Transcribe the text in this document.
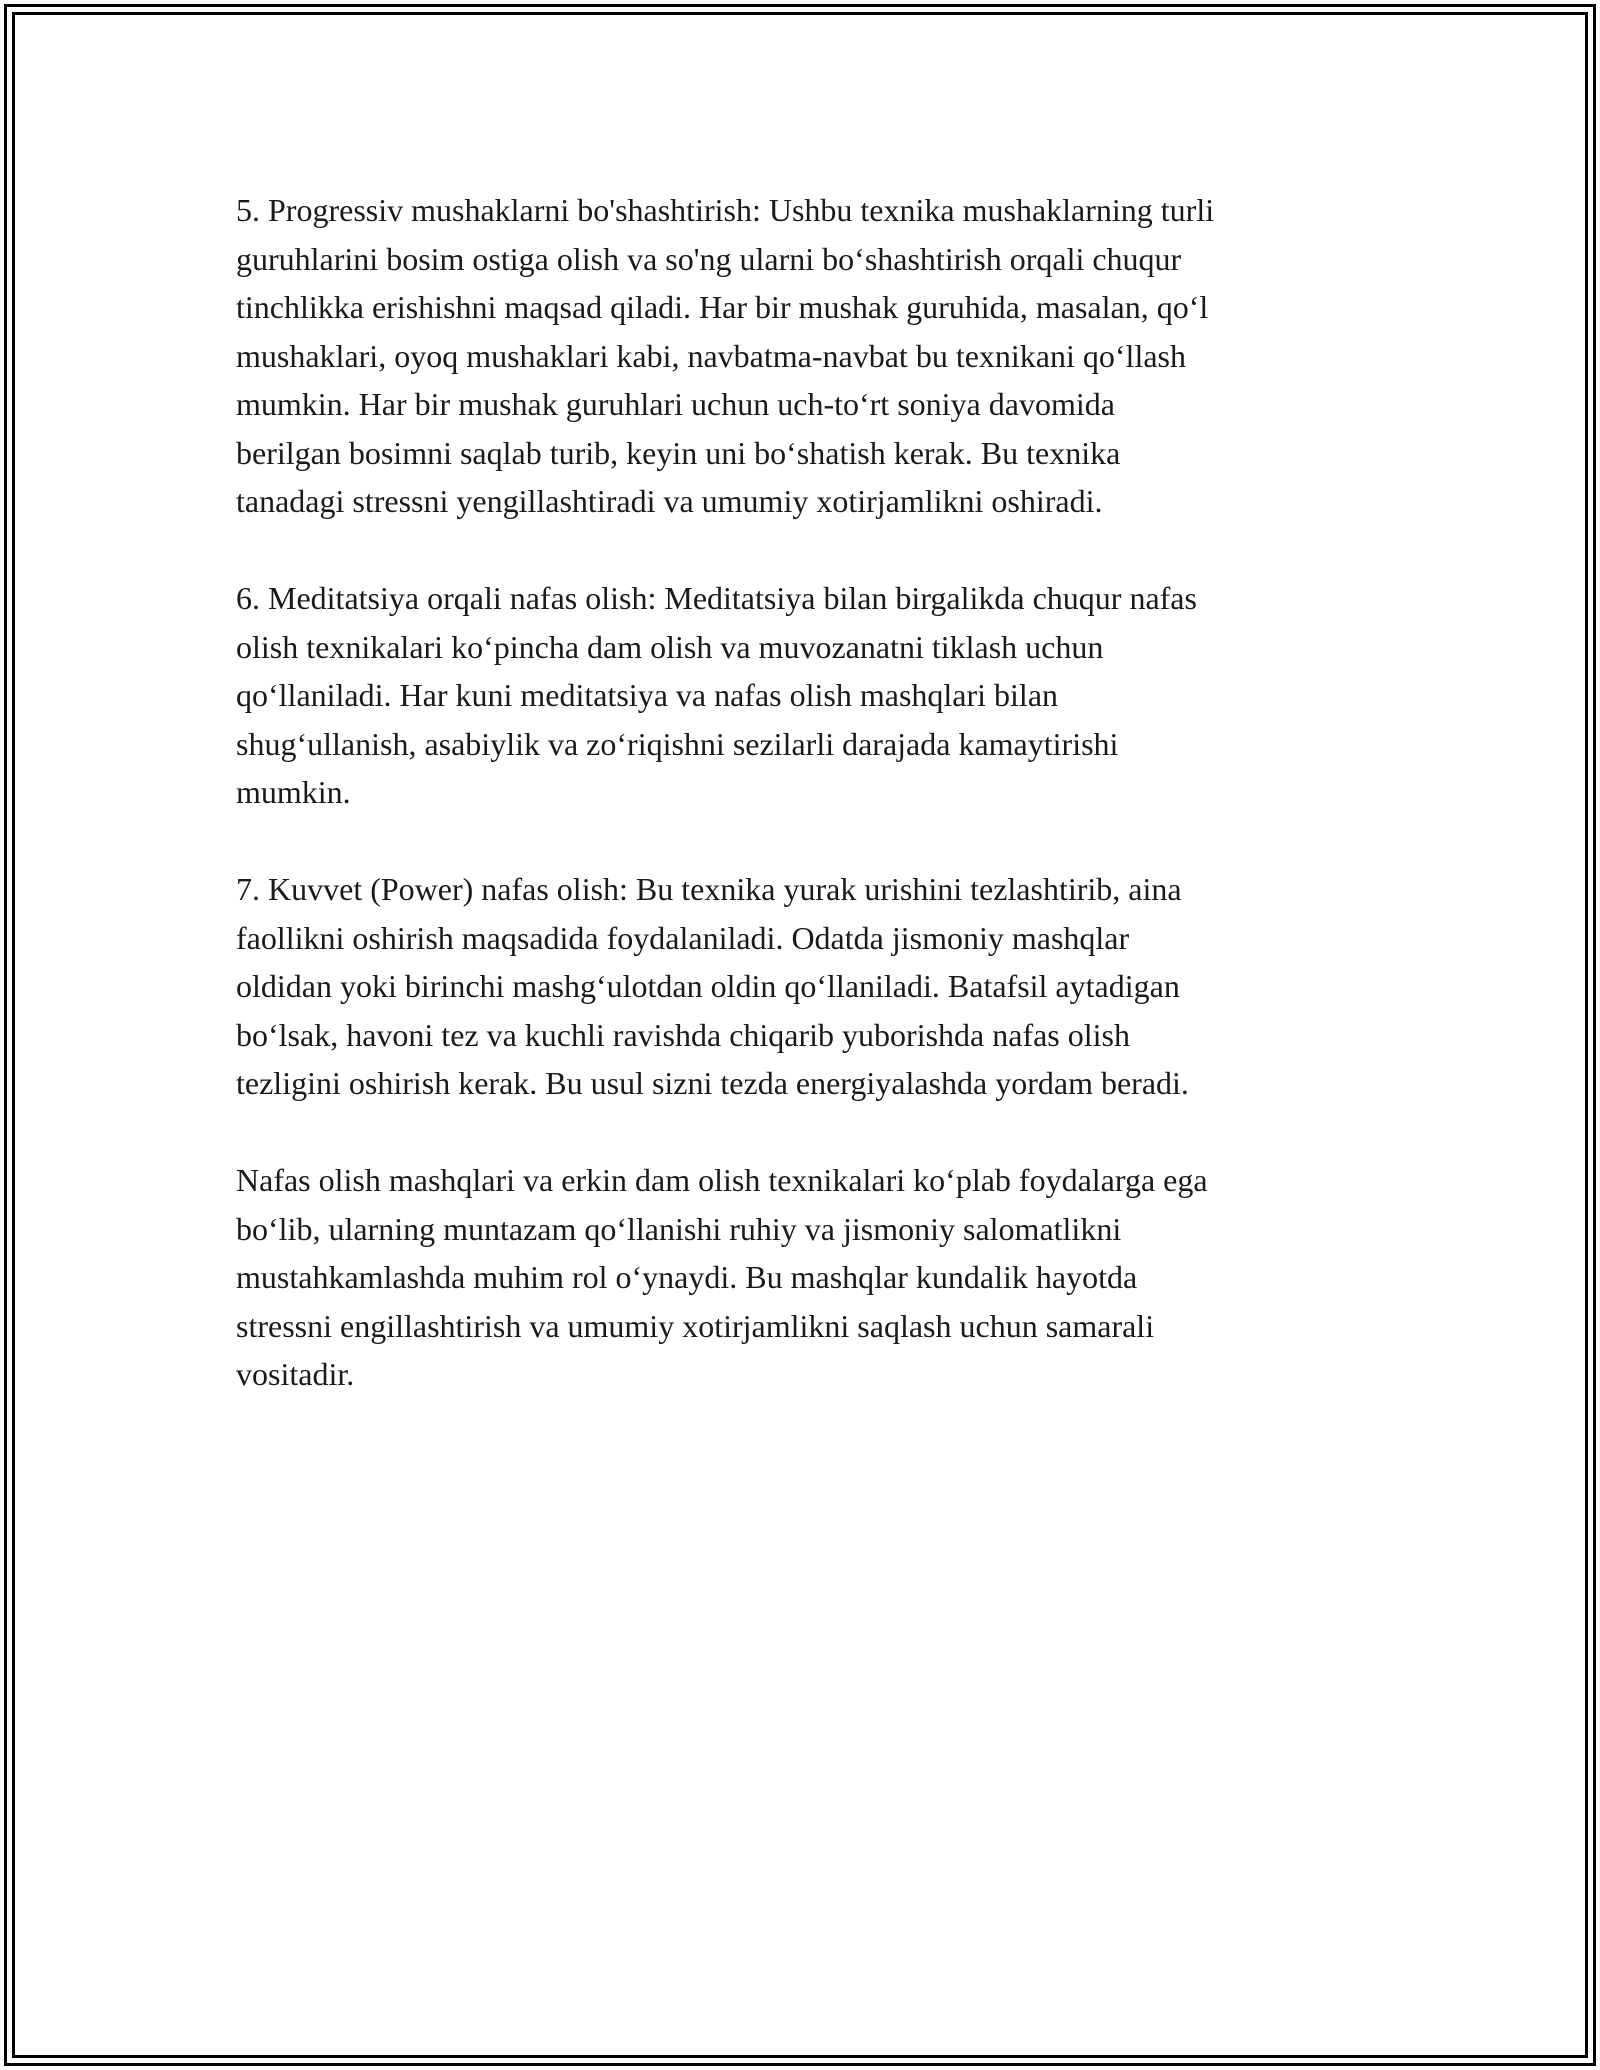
5. Progressiv mushaklarni bo'shashtirish: Ushbu texnika mushaklarning turli
guruhlarini bosim ostiga olish va so'ng ularni bo‘shashtirish orqali chuqur
tinchlikka erishishni maqsad qiladi. Har bir mushak guruhida, masalan, qo‘l
mushaklari, oyoq mushaklari kabi, navbatma-navbat bu texnikani qo‘llash
mumkin. Har bir mushak guruhlari uchun uch-to‘rt soniya davomida
berilgan bosimni saqlab turib, keyin uni bo‘shatish kerak. Bu texnika
tanadagi stressni yengillashtiradi va umumiy xotirjamlikni oshiradi.

6. Meditatsiya orqali nafas olish: Meditatsiya bilan birgalikda chuqur nafas
olish texnikalari ko‘pincha dam olish va muvozanatni tiklash uchun
qo‘llaniladi. Har kuni meditatsiya va nafas olish mashqlari bilan
shug‘ullanish, asabiylik va zo‘riqishni sezilarli darajada kamaytirishi
mumkin.

7. Kuvvet (Power) nafas olish: Bu texnika yurak urishini tezlashtirib, aina
faollikni oshirish maqsadida foydalaniladi. Odatda jismoniy mashqlar
oldidan yoki birinchi mashg‘ulotdan oldin qo‘llaniladi. Batafsil aytadigan
bo‘lsak, havoni tez va kuchli ravishda chiqarib yuborishda nafas olish
tezligini oshirish kerak. Bu usul sizni tezda energiyalashda yordam beradi.

Nafas olish mashqlari va erkin dam olish texnikalari ko‘plab foydalarga ega
bo‘lib, ularning muntazam qo‘llanishi ruhiy va jismoniy salomatlikni
mustahkamlashda muhim rol o‘ynaydi. Bu mashqlar kundalik hayotda
stressni engillashtirish va umumiy xotirjamlikni saqlash uchun samarali
vositadir.
